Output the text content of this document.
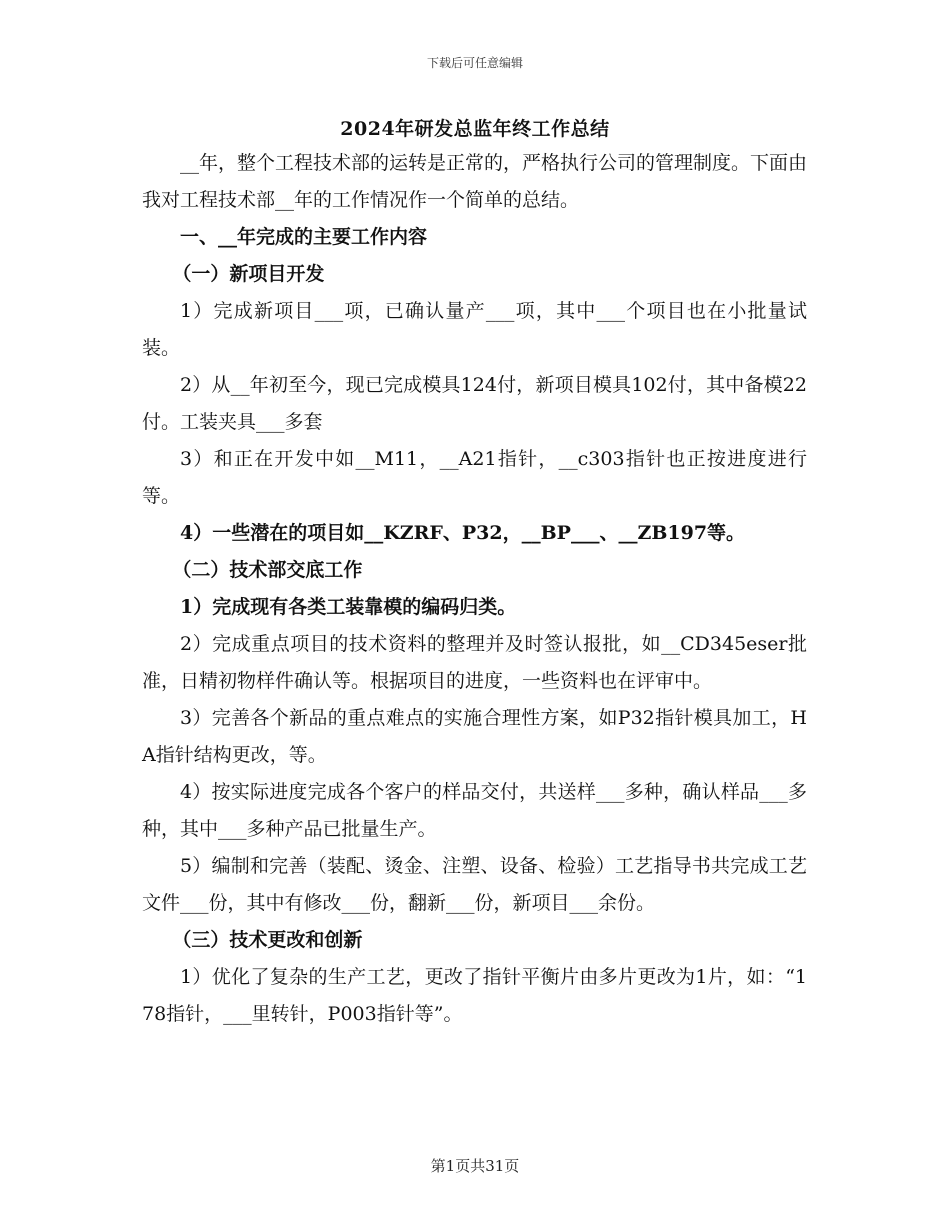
下载后可任意编辑
2024年研发总监年终工作总结

__年，整个工程技术部的运转是正常的，严格执行公司的管理制度。下面由我对工程技术部__年的工作情况作一个简单的总结。

一、__年完成的主要工作内容

（一）新项目开发

1）完成新项目___项，已确认量产___项，其中___个项目也在小批量试装。

2）从__年初至今，现已完成模具124付，新项目模具102付，其中备模22付。工装夹具___多套

3）和正在开发中如__M11，__A21指针，__c303指针也正按进度进行等。

4）一些潜在的项目如__KZRF、P32，__BP___、__ZB197等。

（二）技术部交底工作

1）完成现有各类工装靠模的编码归类。

2）完成重点项目的技术资料的整理并及时签认报批，如__CD345eser批准，日精初物样件确认等。根据项目的进度，一些资料也在评审中。

3）完善各个新品的重点难点的实施合理性方案，如P32指针模具加工，HA指针结构更改，等。

4）按实际进度完成各个客户的样品交付，共送样___多种，确认样品___多种，其中___多种产品已批量生产。

5）编制和完善（装配、烫金、注塑、设备、检验）工艺指导书共完成工艺文件___份，其中有修改___份，翻新___份，新项目___余份。

（三）技术更改和创新

1）优化了复杂的生产工艺，更改了指针平衡片由多片更改为1片，如：“178指针，___里转针，P003指针等”。

第1页共31页
